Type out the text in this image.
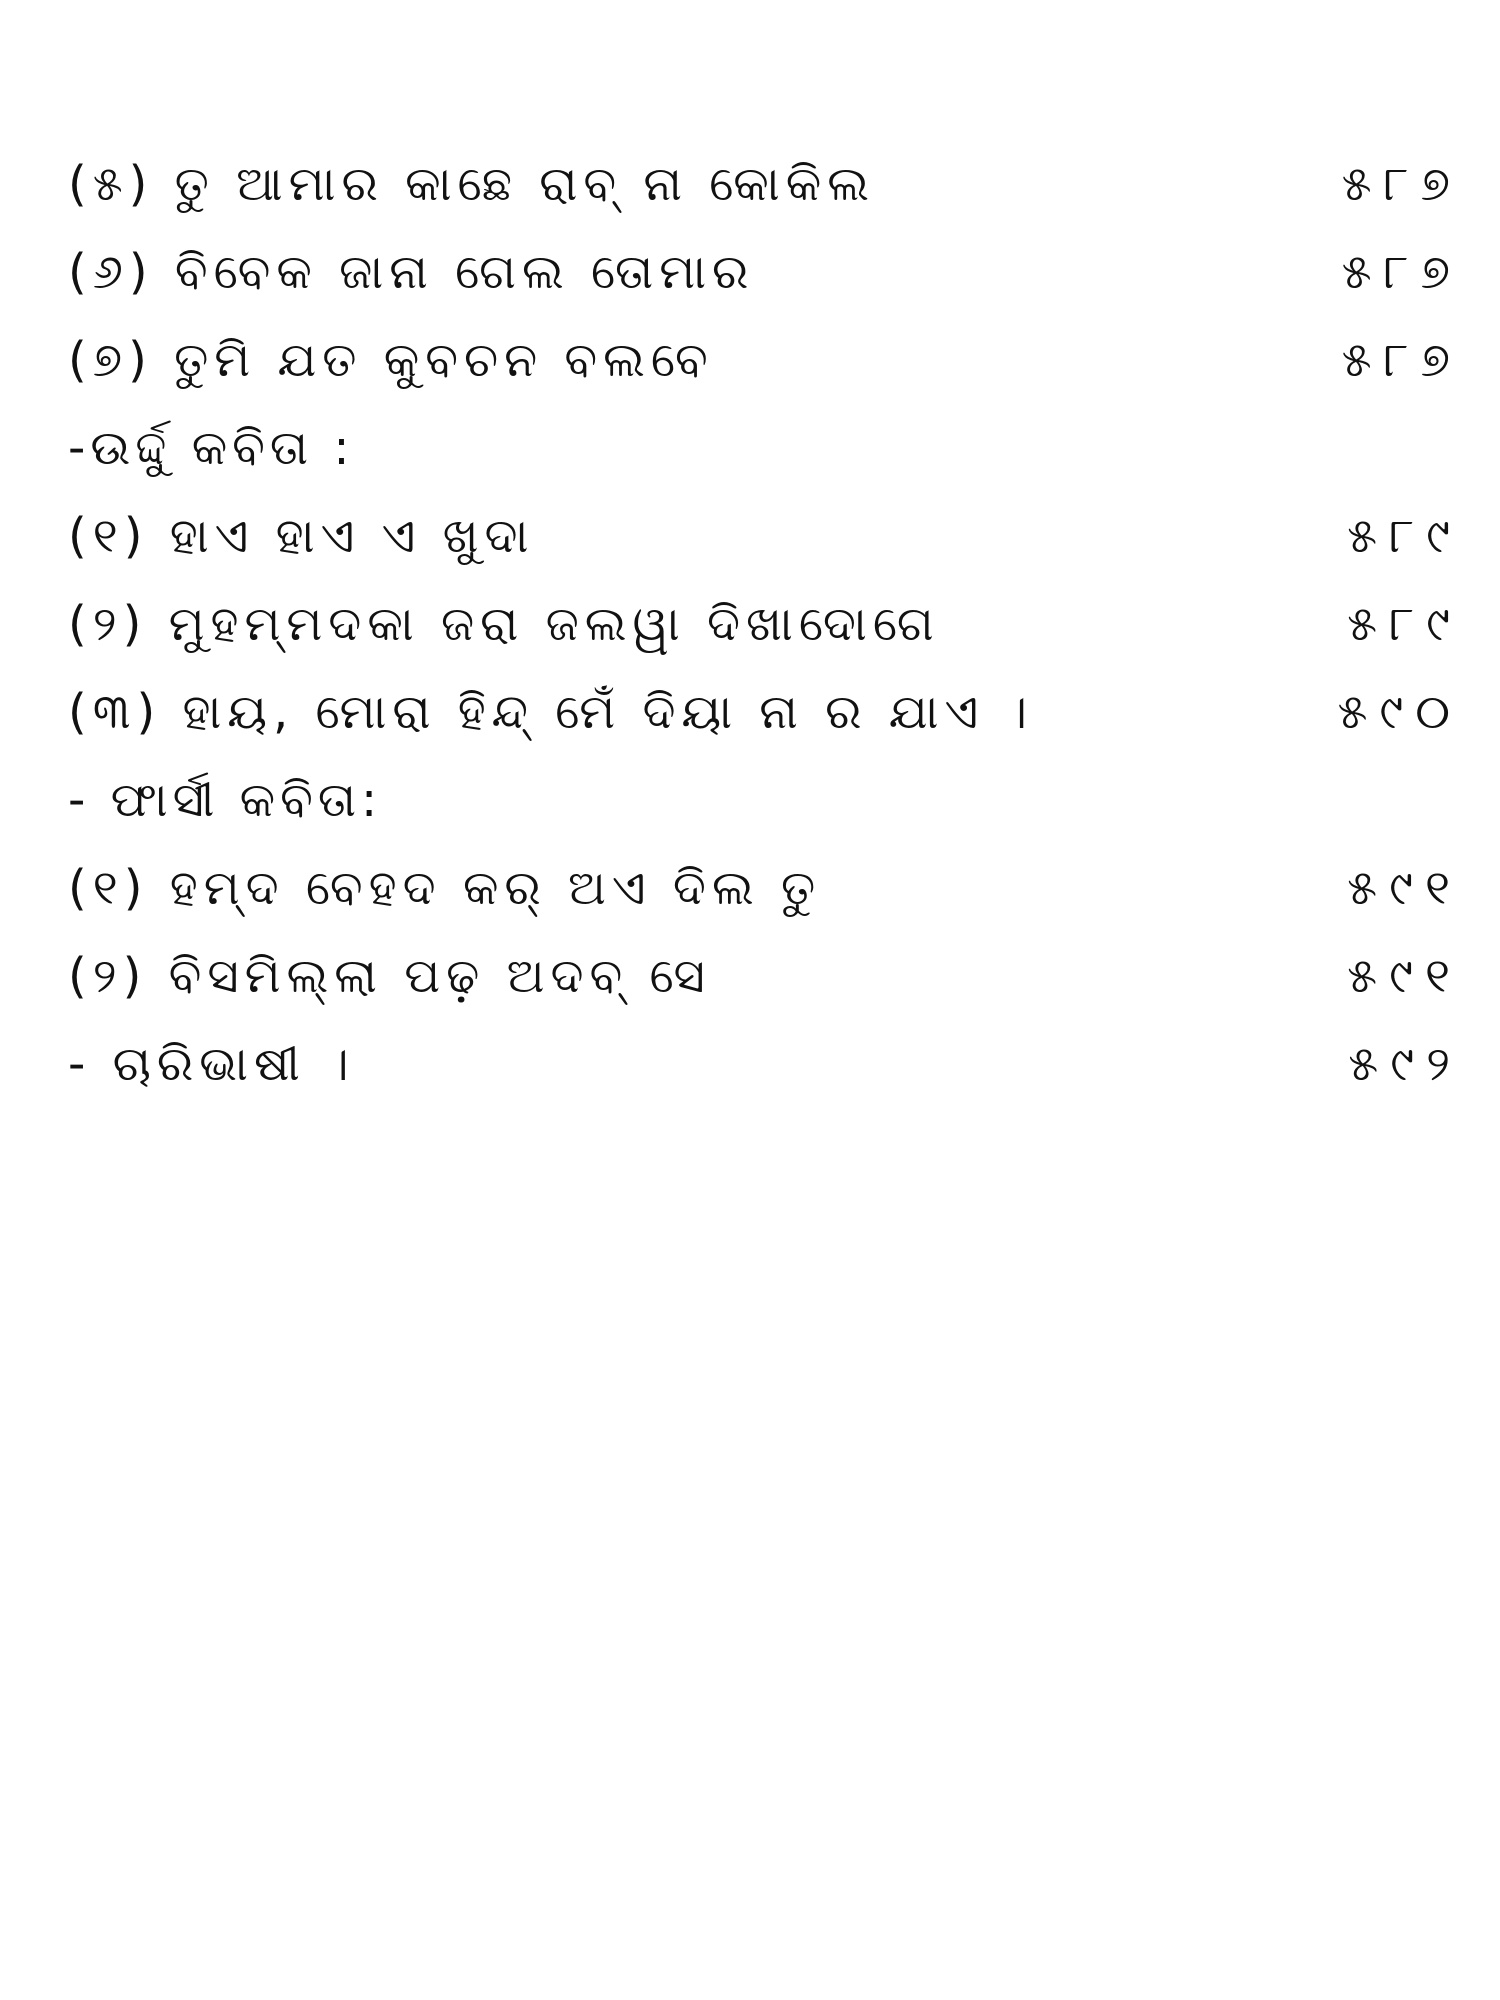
(୫) ତୁ ଆମାର କାଛେ ରାବ୍ ନା କୋକିଲ	୫୮୭
(୬) ବିବେକ ଜାନା ଗେଲ ତୋମାର	୫୮୭
(୭) ତୁମି ଯତ କୁବଚନ ବଲବେ	୫୮୭
-ଉର୍ଦ୍ଦୁ କବିତା :
(୧) ହାଏ ହାଏ ଏ ଖୁଦା	୫୮୯
(୨) ମୁହମ୍ମଦକା ଜରା ଜଲୱା ଦିଖାଦୋଗେ	୫୮୯
(୩) ହାୟ, ମୋରା ହିନ୍ଦ୍ ମେଁ ଦିୟା ନା ର ଯାଏ ।	୫୯୦
- ଫାର୍ସୀ କବିତା:
(୧) ହମ୍ଦ ବେହଦ କର୍ ଅଏ ଦିଲ ତୁ	୫୯୧
(୨) ବିସମିଲ୍ଲା ପଢ଼ ଅଦବ୍ ସେ	୫୯୧
- ଚାରିଭାଷୀ ।	୫୯୨
